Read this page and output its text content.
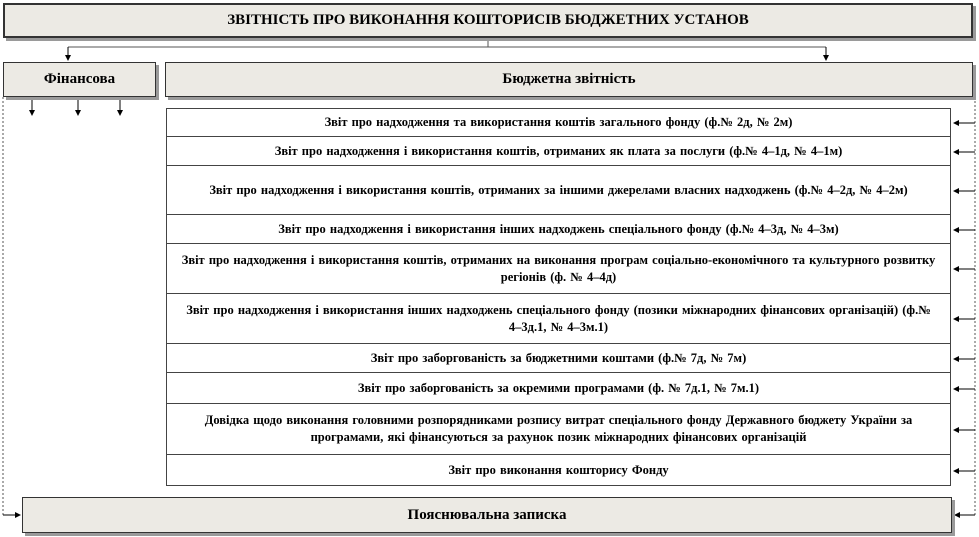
ЗВІТНІСТЬ ПРО ВИКОНАННЯ КОШТОРИСІВ БЮДЖЕТНИХ УСТАНОВ
Фінансова	Бюджетна звітність
Звіт про надходження та використання коштів загального фонду (ф.№ 2д, № 2м)
Звіт про надходження і використання коштів, отриманих як плата за послуги (ф.№ 4–1д, № 4–1м)
Звіт про надходження і використання коштів, отриманих за іншими джерелами власних надходжень (ф.№ 4–2д, № 4–2м)
Звіт про надходження і використання інших надходжень спеціального фонду (ф.№ 4–3д, № 4–3м)
Звіт про надходження і використання коштів, отриманих на виконання програм соціально-економічного та культурного розвитку регіонів (ф. № 4–4д)
Звіт про надходження і використання інших надходжень спеціального фонду (позики міжнародних фінансових організацій) (ф.№ 4–3д.1, № 4–3м.1)
Звіт про заборгованість за бюджетними коштами (ф.№ 7д, № 7м)
Звіт про заборгованість за окремими програмами (ф. № 7д.1, № 7м.1)
Довідка щодо виконання головними розпорядниками розпису витрат спеціального фонду Державного бюджету України за програмами, які фінансуються за рахунок позик міжнародних фінансових організацій
Звіт про виконання кошторису Фонду
Пояснювальна записка
